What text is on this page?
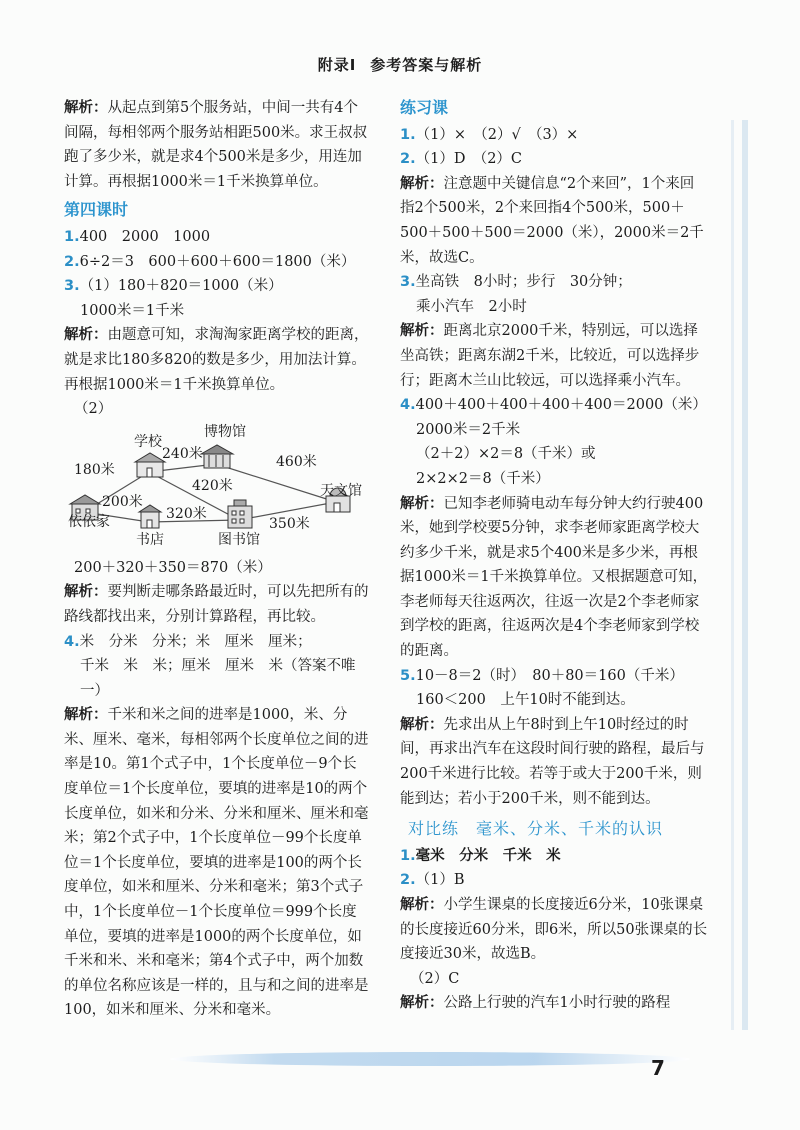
附录Ⅰ 参考答案与解析

解析：从起点到第5个服务站，中间一共有4个间隔，每相邻两个服务站相距500米。求王叔叔跑了多少米，就是求4个500米是多少，用连加计算。再根据1000米＝1千米换算单位。

第四课时

1.400　2000　1000

2.6÷2＝3　600＋600＋600＝1800（米）

3.（1）180＋820＝1000（米）

1000米＝1千米

解析：由题意可知，求淘淘家距离学校的距离，就是求比180多820的数是多少，用加法计算。再根据1000米＝1千米换算单位。

（2）

学校
博物馆
240米	460米
180米
420米
200米
320米
350米
天文馆
依依家
书店	图书馆

200＋320＋350＝870（米）

解析：要判断走哪条路最近时，可以先把所有的路线都找出来，分别计算路程，再比较。

4.米　分米　分米；米　厘米　厘米；

千米　米　米；厘米　厘米　米（答案不唯一）

解析：千米和米之间的进率是1000，米、分米、厘米、毫米，每相邻两个长度单位之间的进率是10。第1个式子中，1个长度单位－9个长度单位＝1个长度单位，要填的进率是10的两个长度单位，如米和分米、分米和厘米、厘米和毫米；第2个式子中，1个长度单位－99个长度单位＝1个长度单位，要填的进率是100的两个长度单位，如米和厘米、分米和毫米；第3个式子中，1个长度单位－1个长度单位＝999个长度单位，要填的进率是1000的两个长度单位，如千米和米、米和毫米；第4个式子中，两个加数的单位名称应该是一样的，且与和之间的进率是100，如米和厘米、分米和毫米。

练习课

1.（1）×　（2）√　（3）×

2.（1）D　（2）C

解析：注意题中关键信息“2个来回”，1个来回指2个500米，2个来回指4个500米，500＋500＋500＋500＝2000（米），2000米＝2千米，故选C。

3.坐高铁　8小时；步行　30分钟；

乘小汽车　2小时

解析：距离北京2000千米，特别远，可以选择坐高铁；距离东湖2千米，比较近，可以选择步行；距离木兰山比较远，可以选择乘小汽车。

4.400＋400＋400＋400＋400＝2000（米）

2000米＝2千米

（2＋2）×2＝8（千米）或

2×2×2＝8（千米）

解析：已知李老师骑电动车每分钟大约行驶400米，她到学校要5分钟，求李老师家距离学校大约多少千米，就是求5个400米是多少米，再根据1000米＝1千米换算单位。又根据题意可知，李老师每天往返两次，往返一次是2个李老师家到学校的距离，往返两次是4个李老师家到学校的距离。

5.10－8＝2（时）　80＋80＝160（千米）

160＜200　上午10时不能到达。

解析：先求出从上午8时到上午10时经过的时间，再求出汽车在这段时间行驶的路程，最后与200千米进行比较。若等于或大于200千米，则能到达；若小于200千米，则不能到达。

对比练　毫米、分米、千米的认识

1.毫米　分米　千米　米

2.（1）B

解析：小学生课桌的长度接近6分米，10张课桌的长度接近60分米，即6米，所以50张课桌的长度接近30米，故选B。

（2）C

解析：公路上行驶的汽车1小时行驶的路程

7
